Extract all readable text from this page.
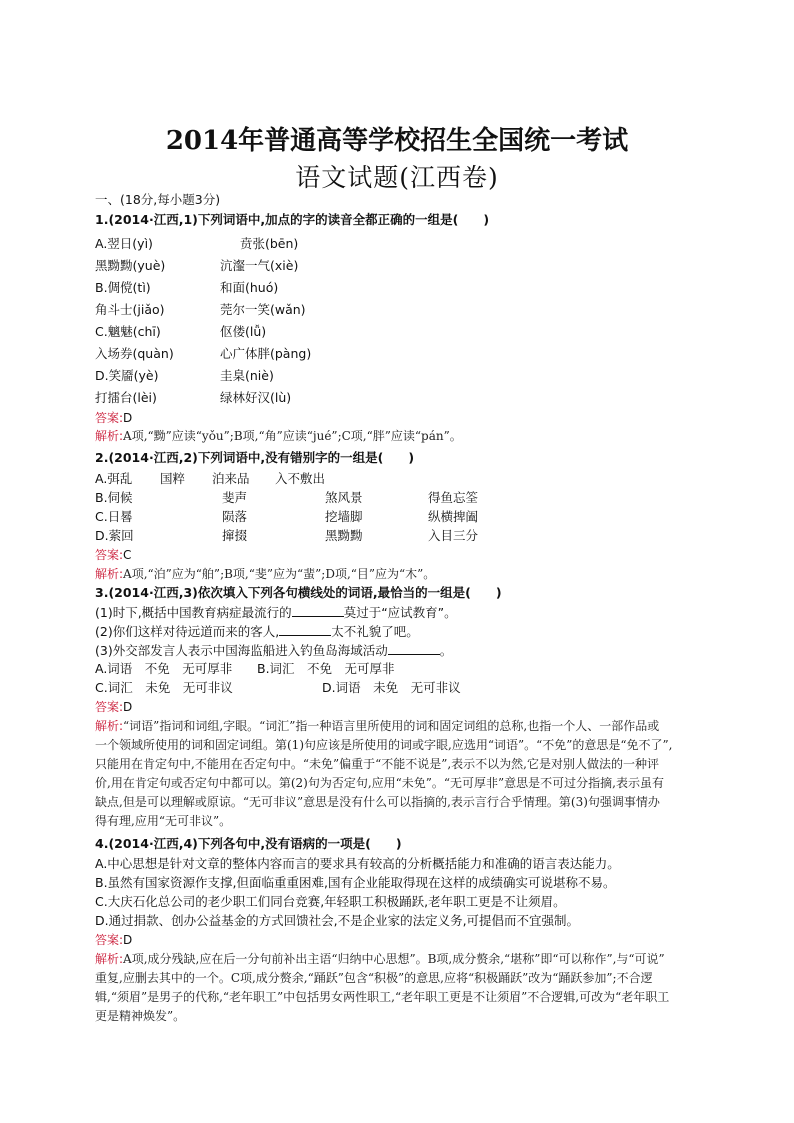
2014年普通高等学校招生全国统一考试
语文试题(江西卷)
一、(18分,每小题3分)
1.(2014·江西,1)下列词语中,加点的字的读音全都正确的一组是(　　)
A.翌日(yì)	贲张(bēn)
黑黝黝(yuè)	沆瀣一气(xiè)
B.倜傥(tì)	和面(huó)
角斗士(jiǎo)	莞尔一笑(wǎn)
C.魑魅(chī)	伛偻(lǚ)
入场券(quàn)	心广体胖(pàng)
D.笑靥(yè)	圭臬(niè)
打擂台(lèi)	绿林好汉(lù)
答案:D
解析:A项,“黝”应读“yǒu”;B项,“角”应读“jué”;C项,“胖”应读“pán”。
2.(2014·江西,2)下列词语中,没有错别字的一组是(　　)
A.弭乱 国粹 泊来品 入不敷出
B.伺候	斐声	煞风景	得鱼忘筌
C.日晷	陨落	挖墙脚	纵横捭阖
D.萦回	撺掇	黑黝黝	入目三分
答案:C
解析:A项,“泊”应为“舶”;B项,“斐”应为“蜚”;D项,“目”应为“木”。
3.(2014·江西,3)依次填入下列各句横线处的词语,最恰当的一组是(　　)
(1)时下,概括中国教育病症最流行的	莫过于“应试教育”。
(2)你们这样对待远道而来的客人,	太不礼貌了吧。
(3)外交部发言人表示中国海监船进入钓鱼岛海域活动	。
A.词语　不免　无可厚非 B.词汇　不免　无可厚非
C.词汇　未免　无可非议	D.词语　未免　无可非议
答案:D
解析:“词语”指词和词组,字眼。“词汇”指一种语言里所使用的词和固定词组的总称,也指一个人、一部作品或
一个领域所使用的词和固定词组。第(1)句应该是所使用的词或字眼,应选用“词语”。“不免”的意思是“免不了”,
只能用在肯定句中,不能用在否定句中。“未免”偏重于“不能不说是”,表示不以为然,它是对别人做法的一种评
价,用在肯定句或否定句中都可以。第(2)句为否定句,应用“未免”。“无可厚非”意思是不可过分指摘,表示虽有
缺点,但是可以理解或原谅。“无可非议”意思是没有什么可以指摘的,表示言行合乎情理。第(3)句强调事情办
得有理,应用“无可非议”。
4.(2014·江西,4)下列各句中,没有语病的一项是(　　)
A.中心思想是针对文章的整体内容而言的要求具有较高的分析概括能力和准确的语言表达能力。
B.虽然有国家资源作支撑,但面临重重困难,国有企业能取得现在这样的成绩确实可说堪称不易。
C.大庆石化总公司的老少职工们同台竞赛,年轻职工积极踊跃,老年职工更是不让须眉。
D.通过捐款、创办公益基金的方式回馈社会,不是企业家的法定义务,可提倡而不宜强制。
答案:D
解析:A项,成分残缺,应在后一分句前补出主语“归纳中心思想”。B项,成分赘余,“堪称”即“可以称作”,与“可说”
重复,应删去其中的一个。C项,成分赘余,“踊跃”包含“积极”的意思,应将“积极踊跃”改为“踊跃参加”;不合逻
辑,“须眉”是男子的代称,“老年职工”中包括男女两性职工,“老年职工更是不让须眉”不合逻辑,可改为“老年职工
更是精神焕发”。
